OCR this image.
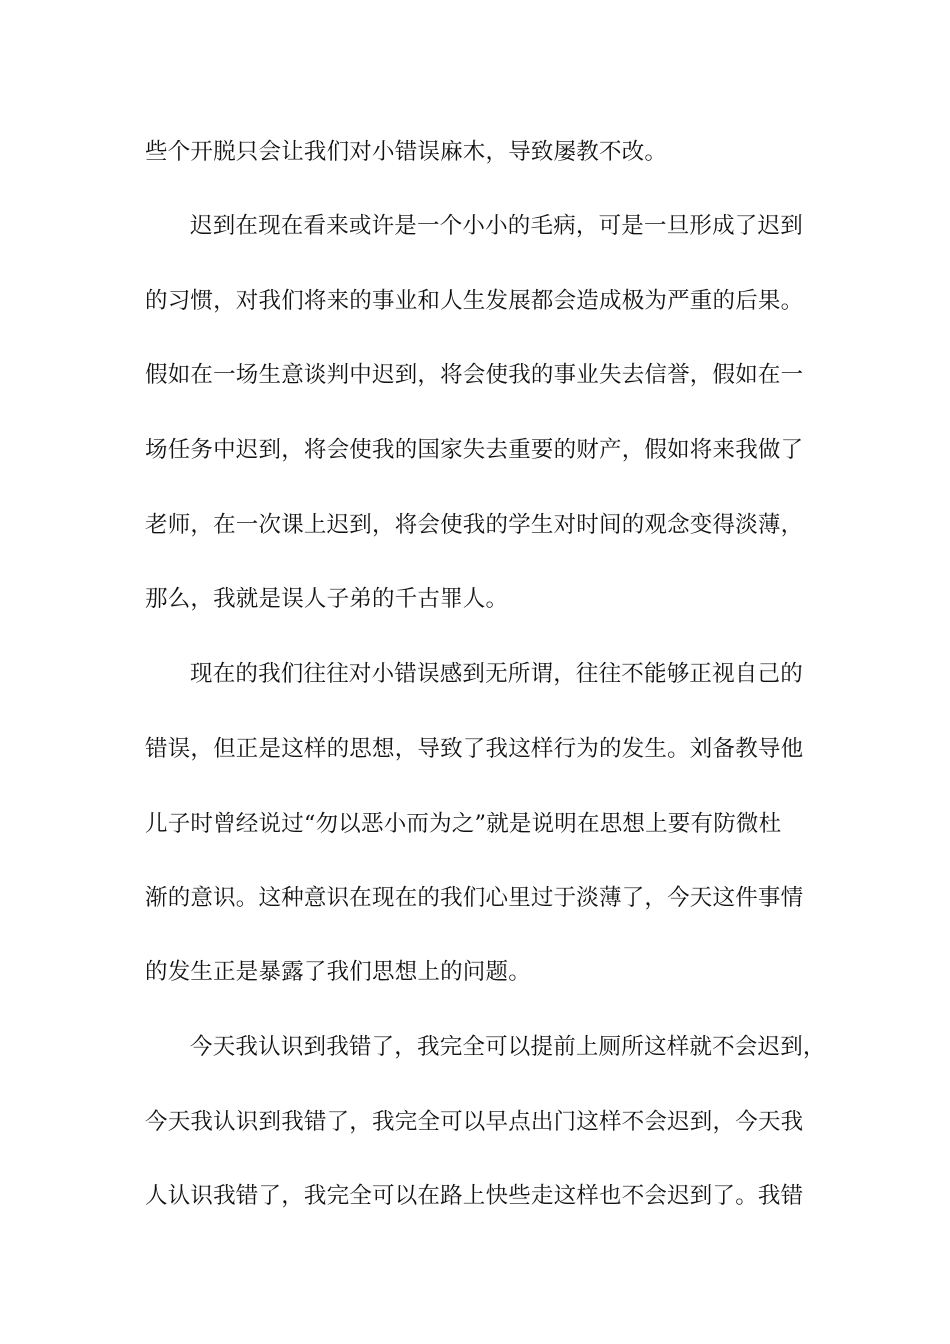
些个开脱只会让我们对小错误麻木，导致屡教不改。
迟到在现在看来或许是一个小小的毛病，可是一旦形成了迟到
的习惯，对我们将来的事业和人生发展都会造成极为严重的后果。
假如在一场生意谈判中迟到，将会使我的事业失去信誉，假如在一
场任务中迟到，将会使我的国家失去重要的财产，假如将来我做了
老师，在一次课上迟到，将会使我的学生对时间的观念变得淡薄，
那么，我就是误人子弟的千古罪人。
现在的我们往往对小错误感到无所谓，往往不能够正视自己的
错误，但正是这样的思想，导致了我这样行为的发生。刘备教导他
儿子时曾经说过“勿以恶小而为之”就是说明在思想上要有防微杜
渐的意识。这种意识在现在的我们心里过于淡薄了，今天这件事情
的发生正是暴露了我们思想上的问题。
今天我认识到我错了，我完全可以提前上厕所这样就不会迟到，
今天我认识到我错了，我完全可以早点出门这样不会迟到，今天我
人认识我错了，我完全可以在路上快些走这样也不会迟到了。我错
